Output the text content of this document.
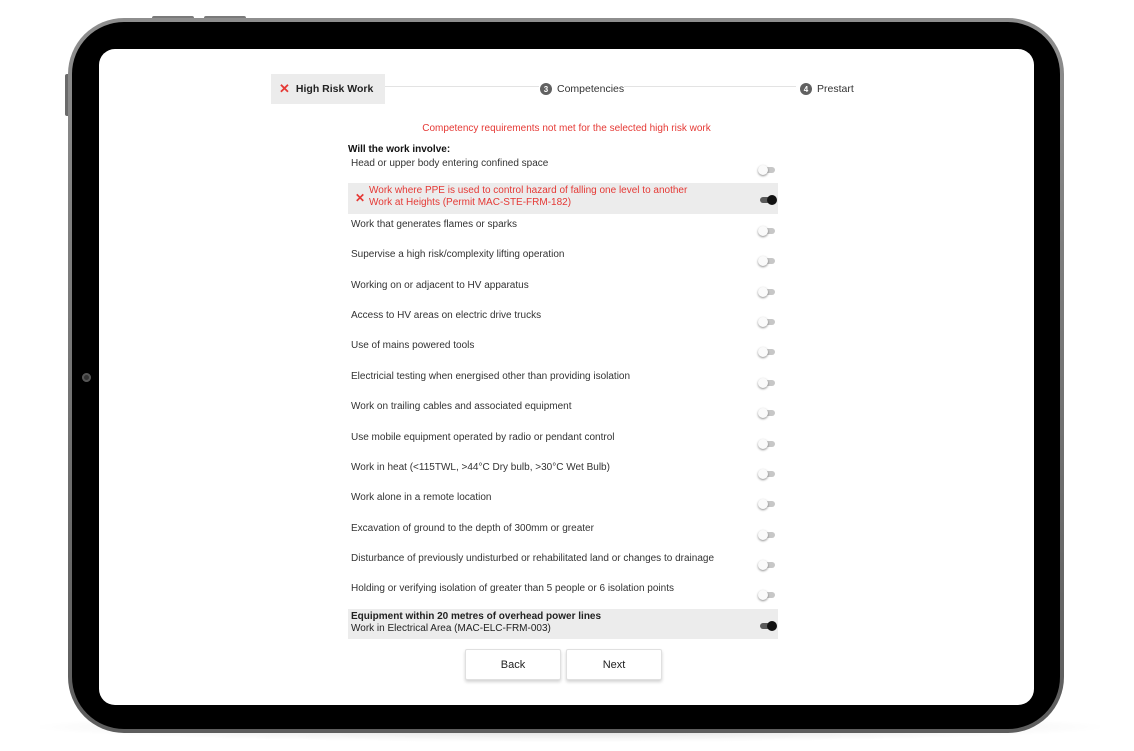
✕ High Risk Work	3 Competencies	4 Prestart
Competency requirements not met for the selected high risk work
Will the work involve:
Head or upper body entering confined space
✕
Work where PPE is used to control hazard of falling one level to another
Work at Heights (Permit MAC-STE-FRM-182)
Work that generates flames or sparks
Supervise a high risk/complexity lifting operation
Working on or adjacent to HV apparatus
Access to HV areas on electric drive trucks
Use of mains powered tools
Electricial testing when energised other than providing isolation
Work on trailing cables and associated equipment
Use mobile equipment operated by radio or pendant control
Work in heat (<115TWL, >44°C Dry bulb, >30°C Wet Bulb)
Work alone in a remote location
Excavation of ground to the depth of 300mm or greater
Disturbance of previously undisturbed or rehabilitated land or changes to drainage
Holding or verifying isolation of greater than 5 people or 6 isolation points
Equipment within 20 metres of overhead power lines
Work in Electrical Area (MAC-ELC-FRM-003)
Back	Next
